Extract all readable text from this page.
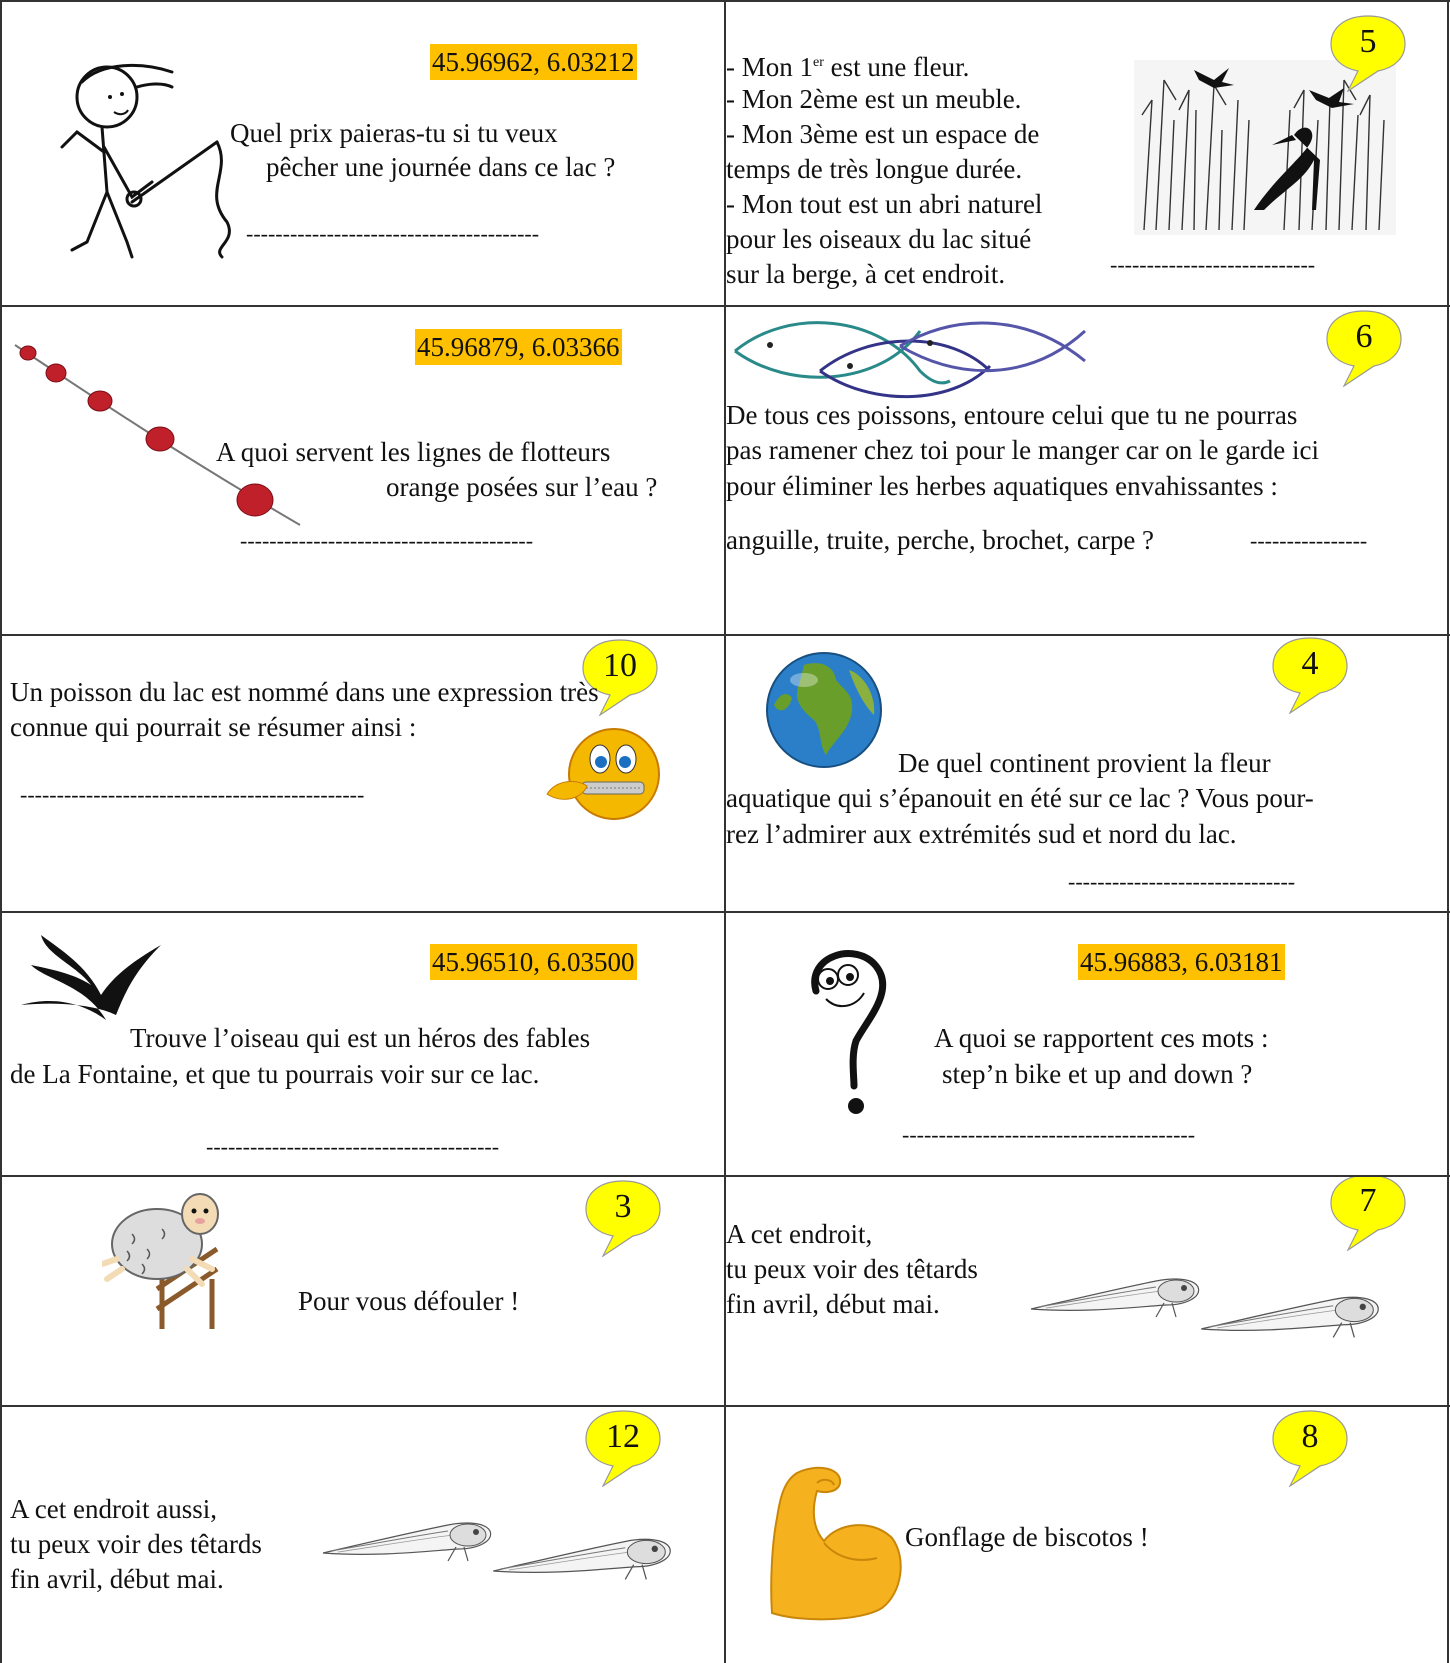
45.96962, 6.03212
Quel prix paieras-tu si tu veux
pêcher une journée dans ce lac ?
----------------------------------------
- Mon 1er est une fleur.
- Mon 2ème est un meuble.
- Mon 3ème est un espace de
temps de très longue durée.
- Mon tout est un abri naturel
pour les oiseaux du lac situé
sur la berge, à cet endroit.
5
----------------------------
45.96879, 6.03366
A quoi servent les lignes de flotteurs
orange posées sur l’eau ?
----------------------------------------
6
De tous ces poissons, entoure celui que tu ne pourras
pas ramener chez toi pour le manger car on le garde ici
pour éliminer les herbes aquatiques envahissantes :
anguille, truite, perche, brochet, carpe ?	----------------
10
Un poisson du lac est nommé dans une expression très
connue qui pourrait se résumer ainsi :
-----------------------------------------------
4
De quel continent provient la fleur
aquatique qui s’épanouit en été sur ce lac ? Vous pour-
rez l’admirer aux extrémités sud et nord du lac.
-------------------------------
45.96510, 6.03500
Trouve l’oiseau qui est un héros des fables
de La Fontaine, et que tu pourrais voir sur ce lac.
----------------------------------------
45.96883, 6.03181
A quoi se rapportent ces mots :
step’n bike et up and down ?
----------------------------------------
3
Pour vous défouler !
7
A cet endroit,
tu peux voir des têtards
fin avril, début mai.
12
A cet endroit aussi,
tu peux voir des têtards
fin avril, début mai.
8
Gonflage de biscotos !
